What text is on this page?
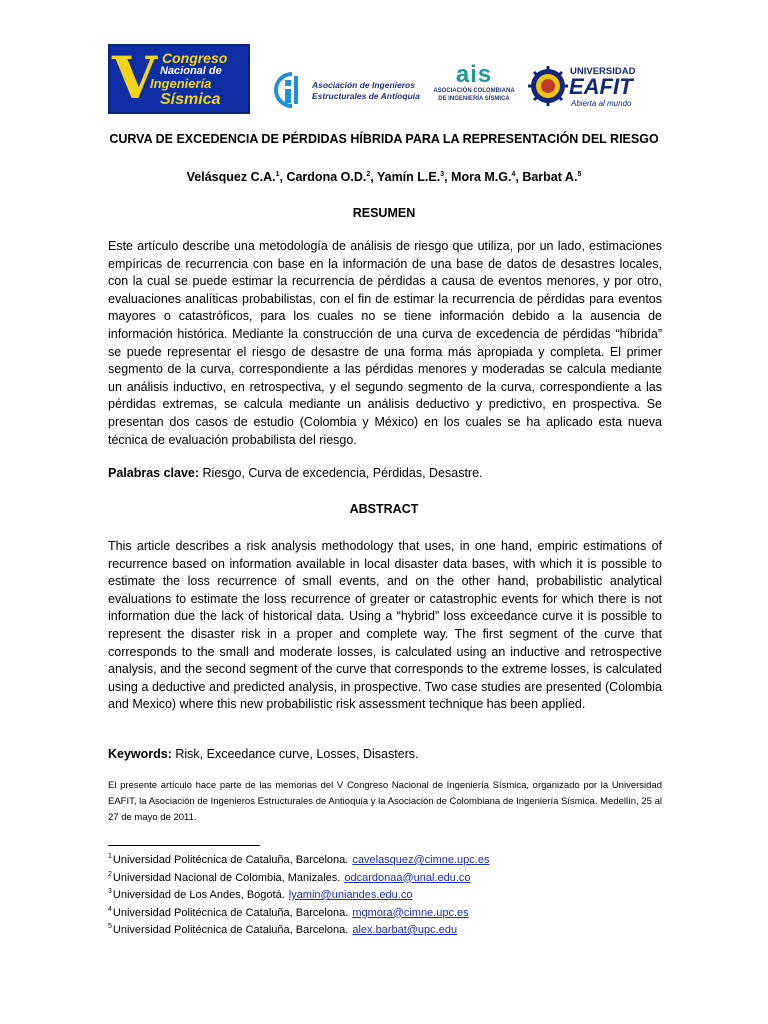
V Congreso
Nacional de
Ingeniería
Sísmica
Asociación de Ingenieros
Estructurales de Antioquia
ais
ASOCIACIÓN COLOMBIANA
DE INGENIERÍA SÍSMICA
UNIVERSIDAD
EAFIT
Abierta al mundo
CURVA DE EXCEDENCIA DE PÉRDIDAS HÍBRIDA PARA LA REPRESENTACIÓN DEL RIESGO
Velásquez C.A.$^1$, Cardona O.D.$^2$, Yamín L.E.$^3$, Mora M.G.$^4$, Barbat A.$^5$
RESUMEN
Este artículo describe una metodología de análisis de riesgo que utiliza, por un lado, estimaciones empíricas de recurrencia con base en la información de una base de datos de desastres locales, con la cual se puede estimar la recurrencia de pérdidas a causa de eventos menores, y por otro, evaluaciones analíticas probabilistas, con el fin de estimar la recurrencia de pérdidas para eventos mayores o catastróficos, para los cuales no se tiene información debido a la ausencia de información histórica. Mediante la construcción de una curva de excedencia de pérdidas “híbrida” se puede representar el riesgo de desastre de una forma más apropiada y completa. El primer segmento de la curva, correspondiente a las pérdidas menores y moderadas se calcula mediante un análisis inductivo, en retrospectiva, y el segundo segmento de la curva, correspondiente a las pérdidas extremas, se calcula mediante un análisis deductivo y predictivo, en prospectiva. Se presentan dos casos de estudio (Colombia y México) en los cuales se ha aplicado esta nueva técnica de evaluación probabilista del riesgo.
Palabras clave: Riesgo, Curva de excedencia, Pérdidas, Desastre.
ABSTRACT
This article describes a risk analysis methodology that uses, in one hand, empiric estimations of recurrence based on information available in local disaster data bases, with which it is possible to estimate the loss recurrence of small events, and on the other hand, probabilistic analytical evaluations to estimate the loss recurrence of greater or catastrophic events for which there is not information due the lack of historical data. Using a “hybrid” loss exceedance curve it is possible to represent the disaster risk in a proper and complete way. The first segment of the curve that corresponds to the small and moderate losses, is calculated using an inductive and retrospective analysis, and the second segment of the curve that corresponds to the extreme losses, is calculated using a deductive and predicted analysis, in prospective. Two case studies are presented (Colombia and Mexico) where this new probabilistic risk assessment technique has been applied.
Keywords: Risk, Exceedance curve, Losses, Disasters.
El presente artículo hace parte de las memorias del V Congreso Nacional de Ingeniería Sísmica, organizado por la Universidad EAFIT, la Asociación de Ingenieros Estructurales de Antioquia y la Asociación de Colombiana de Ingeniería Sísmica. Medellín, 25 al 27 de mayo de 2011.
$^1$Universidad Politécnica de Cataluña, Barcelona. cavelasquez@cimne.upc.es
$^2$Universidad Nacional de Colombia, Manizales. odcardonaa@unal.edu.co
$^3$Universidad de Los Andes, Bogotá. lyamin@uniandes.edu.co
$^4$Universidad Politécnica de Cataluña, Barcelona. mgmora@cimne.upc.es
$^5$Universidad Politécnica de Cataluña, Barcelona. alex.barbat@upc.edu
